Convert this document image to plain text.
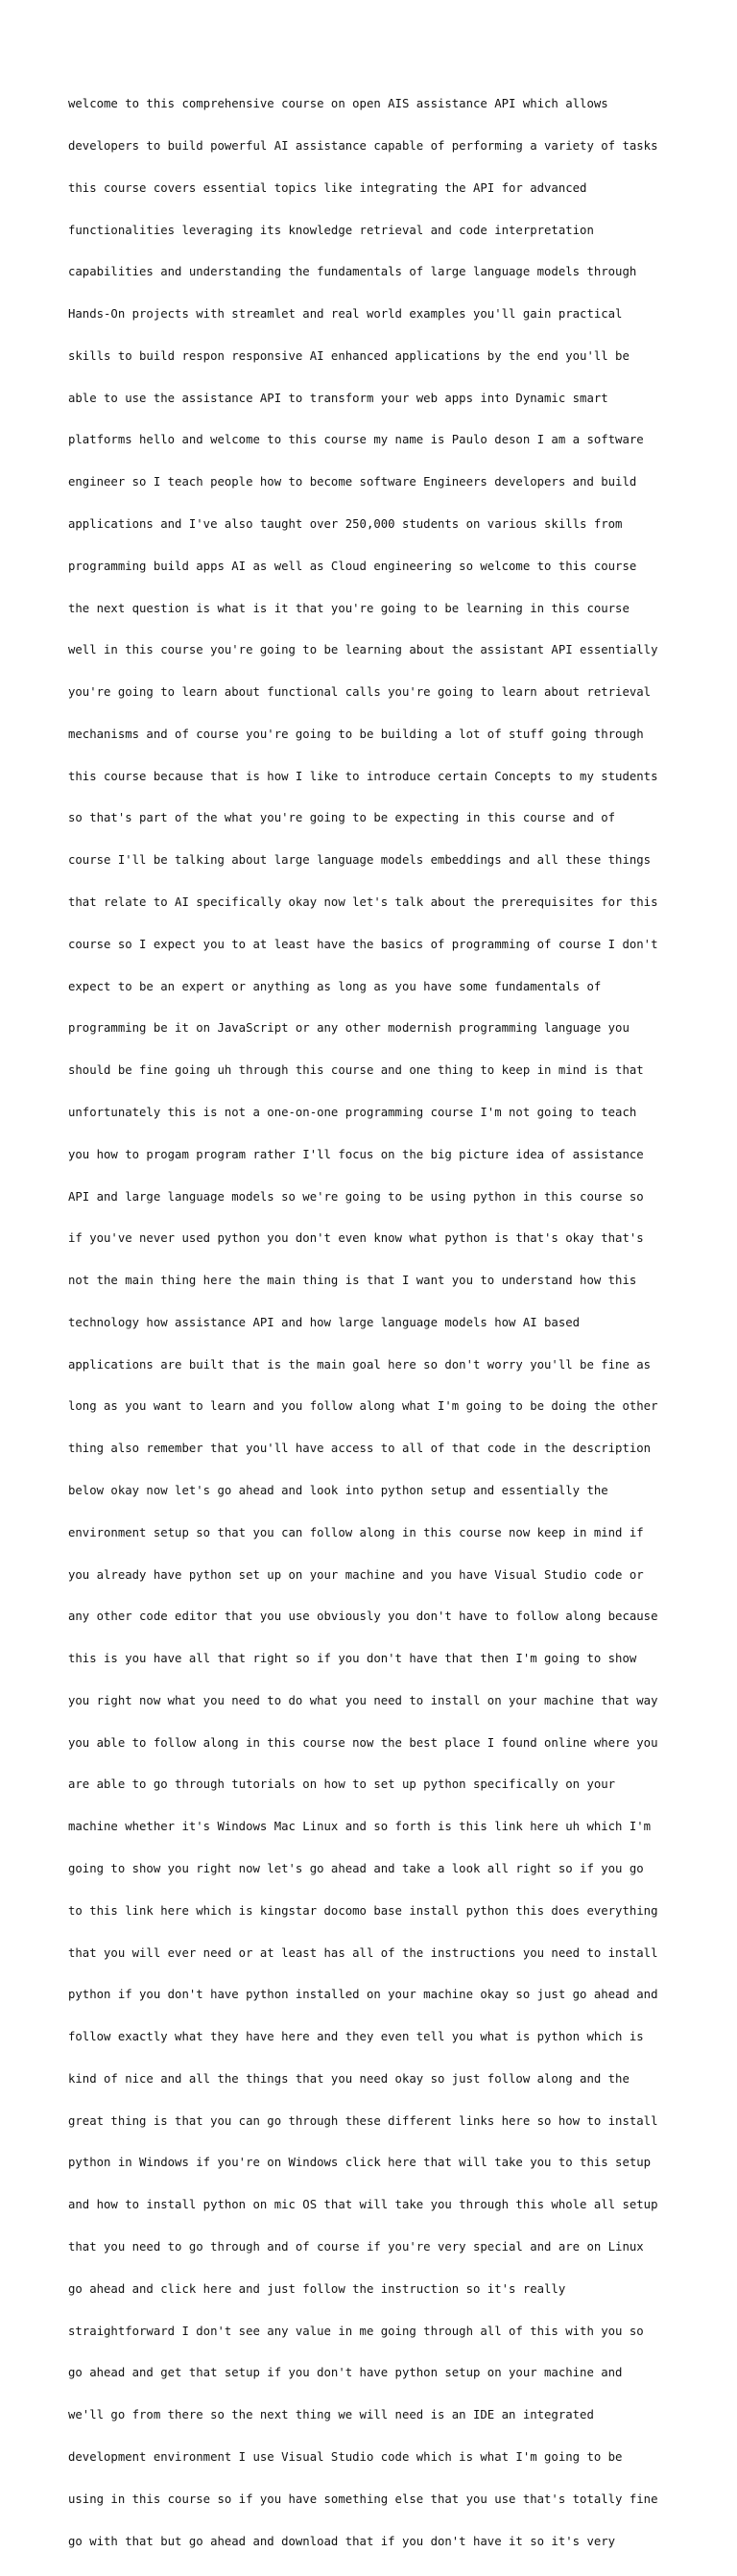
welcome to this comprehensive course on open AIS assistance API which allows

developers to build powerful AI assistance capable of performing a variety of tasks

this course covers essential topics like integrating the API for advanced

functionalities leveraging its knowledge retrieval and code interpretation

capabilities and understanding the fundamentals of large language models through

Hands-On projects with streamlet and real world examples you'll gain practical

skills to build respon responsive AI enhanced applications by the end you'll be

able to use the assistance API to transform your web apps into Dynamic smart

platforms hello and welcome to this course my name is Paulo deson I am a software

engineer so I teach people how to become software Engineers developers and build

applications and I've also taught over 250,000 students on various skills from

programming build apps AI as well as Cloud engineering so welcome to this course

the next question is what is it that you're going to be learning in this course

well in this course you're going to be learning about the assistant API essentially

you're going to learn about functional calls you're going to learn about retrieval

mechanisms and of course you're going to be building a lot of stuff going through

this course because that is how I like to introduce certain Concepts to my students

so that's part of the what you're going to be expecting in this course and of

course I'll be talking about large language models embeddings and all these things

that relate to AI specifically okay now let's talk about the prerequisites for this

course so I expect you to at least have the basics of programming of course I don't

expect to be an expert or anything as long as you have some fundamentals of

programming be it on JavaScript or any other modernish programming language you

should be fine going uh through this course and one thing to keep in mind is that

unfortunately this is not a one-on-one programming course I'm not going to teach

you how to progam program rather I'll focus on the big picture idea of assistance

API and large language models so we're going to be using python in this course so

if you've never used python you don't even know what python is that's okay that's

not the main thing here the main thing is that I want you to understand how this

technology how assistance API and how large language models how AI based

applications are built that is the main goal here so don't worry you'll be fine as

long as you want to learn and you follow along what I'm going to be doing the other

thing also remember that you'll have access to all of that code in the description

below okay now let's go ahead and look into python setup and essentially the

environment setup so that you can follow along in this course now keep in mind if

you already have python set up on your machine and you have Visual Studio code or

any other code editor that you use obviously you don't have to follow along because

this is you have all that right so if you don't have that then I'm going to show

you right now what you need to do what you need to install on your machine that way

you able to follow along in this course now the best place I found online where you

are able to go through tutorials on how to set up python specifically on your

machine whether it's Windows Mac Linux and so forth is this link here uh which I'm

going to show you right now let's go ahead and take a look all right so if you go

to this link here which is kingstar docomo base install python this does everything

that you will ever need or at least has all of the instructions you need to install

python if you don't have python installed on your machine okay so just go ahead and

follow exactly what they have here and they even tell you what is python which is

kind of nice and all the things that you need okay so just follow along and the

great thing is that you can go through these different links here so how to install

python in Windows if you're on Windows click here that will take you to this setup

and how to install python on mic OS that will take you through this whole all setup

that you need to go through and of course if you're very special and are on Linux

go ahead and click here and just follow the instruction so it's really

straightforward I don't see any value in me going through all of this with you so

go ahead and get that setup if you don't have python setup on your machine and

we'll go from there so the next thing we will need is an IDE an integrated

development environment I use Visual Studio code which is what I'm going to be

using in this course so if you have something else that you use that's totally fine

go with that but go ahead and download that if you don't have it so it's very
